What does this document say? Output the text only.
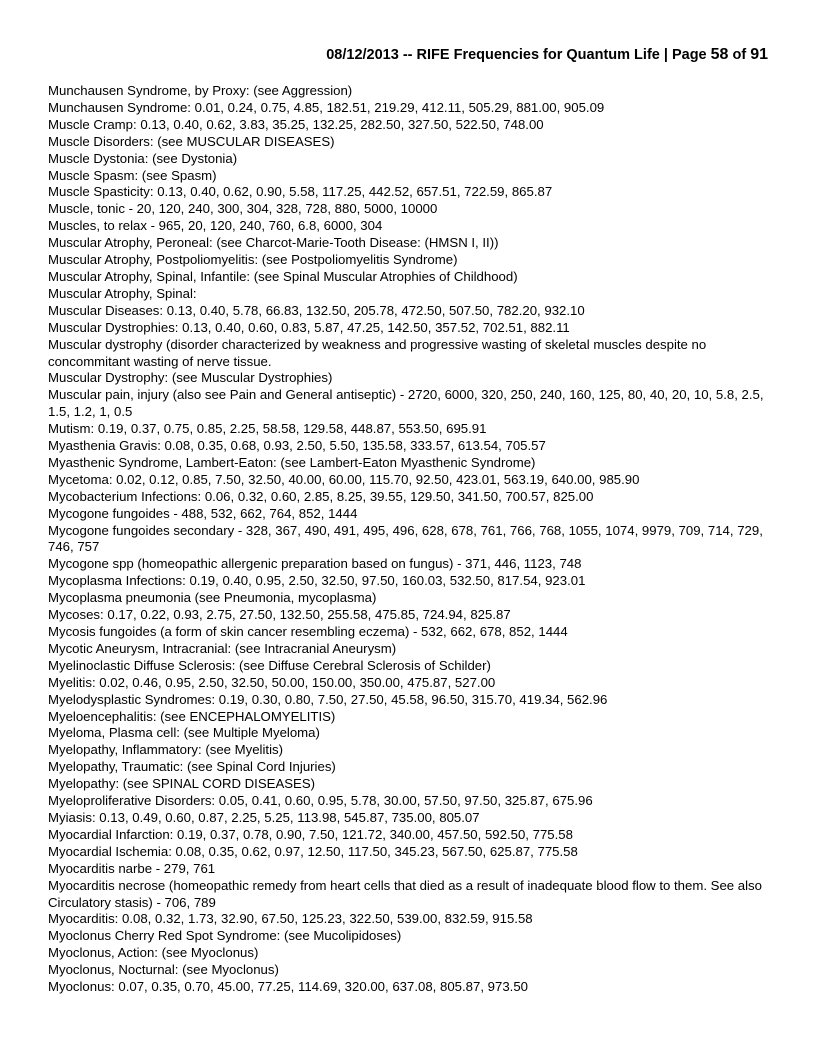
08/12/2013 -- RIFE Frequencies for Quantum Life | Page 58 of 91
Munchausen Syndrome, by Proxy: (see Aggression)
Munchausen Syndrome: 0.01, 0.24, 0.75, 4.85, 182.51, 219.29, 412.11, 505.29, 881.00, 905.09
Muscle Cramp: 0.13, 0.40, 0.62, 3.83, 35.25, 132.25, 282.50, 327.50, 522.50, 748.00
Muscle Disorders: (see MUSCULAR DISEASES)
Muscle Dystonia: (see Dystonia)
Muscle Spasm: (see Spasm)
Muscle Spasticity: 0.13, 0.40, 0.62, 0.90, 5.58, 117.25, 442.52, 657.51, 722.59, 865.87
Muscle, tonic - 20, 120, 240, 300, 304, 328, 728, 880, 5000, 10000
Muscles, to relax - 965, 20, 120, 240, 760, 6.8, 6000, 304
Muscular Atrophy, Peroneal: (see Charcot-Marie-Tooth Disease: (HMSN I, II))
Muscular Atrophy, Postpoliomyelitis: (see Postpoliomyelitis Syndrome)
Muscular Atrophy, Spinal, Infantile: (see Spinal Muscular Atrophies of Childhood)
Muscular Atrophy, Spinal:
Muscular Diseases: 0.13, 0.40, 5.78, 66.83, 132.50, 205.78, 472.50, 507.50, 782.20, 932.10
Muscular Dystrophies: 0.13, 0.40, 0.60, 0.83, 5.87, 47.25, 142.50, 357.52, 702.51, 882.11
Muscular dystrophy (disorder characterized by weakness and progressive wasting of skeletal muscles despite no concommitant wasting of nerve tissue.
Muscular Dystrophy: (see Muscular Dystrophies)
Muscular pain, injury (also see Pain and General antiseptic) - 2720, 6000, 320, 250, 240, 160, 125, 80, 40, 20, 10, 5.8, 2.5, 1.5, 1.2, 1, 0.5
Mutism: 0.19, 0.37, 0.75, 0.85, 2.25, 58.58, 129.58, 448.87, 553.50, 695.91
Myasthenia Gravis: 0.08, 0.35, 0.68, 0.93, 2.50, 5.50, 135.58, 333.57, 613.54, 705.57
Myasthenic Syndrome, Lambert-Eaton: (see Lambert-Eaton Myasthenic Syndrome)
Mycetoma: 0.02, 0.12, 0.85, 7.50, 32.50, 40.00, 60.00, 115.70, 92.50, 423.01, 563.19, 640.00, 985.90
Mycobacterium Infections: 0.06, 0.32, 0.60, 2.85, 8.25, 39.55, 129.50, 341.50, 700.57, 825.00
Mycogone fungoides - 488, 532, 662, 764, 852, 1444
Mycogone fungoides secondary - 328, 367, 490, 491, 495, 496, 628, 678, 761, 766, 768, 1055, 1074, 9979, 709, 714, 729, 746, 757
Mycogone spp (homeopathic allergenic preparation based on fungus) - 371, 446, 1123, 748
Mycoplasma Infections: 0.19, 0.40, 0.95, 2.50, 32.50, 97.50, 160.03, 532.50, 817.54, 923.01
Mycoplasma pneumonia (see Pneumonia, mycoplasma)
Mycoses: 0.17, 0.22, 0.93, 2.75, 27.50, 132.50, 255.58, 475.85, 724.94, 825.87
Mycosis fungoides (a form of skin cancer resembling eczema) - 532, 662, 678, 852, 1444
Mycotic Aneurysm, Intracranial: (see Intracranial Aneurysm)
Myelinoclastic Diffuse Sclerosis: (see Diffuse Cerebral Sclerosis of Schilder)
Myelitis: 0.02, 0.46, 0.95, 2.50, 32.50, 50.00, 150.00, 350.00, 475.87, 527.00
Myelodysplastic Syndromes: 0.19, 0.30, 0.80, 7.50, 27.50, 45.58, 96.50, 315.70, 419.34, 562.96
Myeloencephalitis: (see ENCEPHALOMYELITIS)
Myeloma, Plasma cell: (see Multiple Myeloma)
Myelopathy, Inflammatory: (see Myelitis)
Myelopathy, Traumatic: (see Spinal Cord Injuries)
Myelopathy: (see SPINAL CORD DISEASES)
Myeloproliferative Disorders: 0.05, 0.41, 0.60, 0.95, 5.78, 30.00, 57.50, 97.50, 325.87, 675.96
Myiasis: 0.13, 0.49, 0.60, 0.87, 2.25, 5.25, 113.98, 545.87, 735.00, 805.07
Myocardial Infarction: 0.19, 0.37, 0.78, 0.90, 7.50, 121.72, 340.00, 457.50, 592.50, 775.58
Myocardial Ischemia: 0.08, 0.35, 0.62, 0.97, 12.50, 117.50, 345.23, 567.50, 625.87, 775.58
Myocarditis narbe - 279, 761
Myocarditis necrose (homeopathic remedy from heart cells that died as a result of inadequate blood flow to them. See also Circulatory stasis) - 706, 789
Myocarditis: 0.08, 0.32, 1.73, 32.90, 67.50, 125.23, 322.50, 539.00, 832.59, 915.58
Myoclonus Cherry Red Spot Syndrome: (see Mucolipidoses)
Myoclonus, Action: (see Myoclonus)
Myoclonus, Nocturnal: (see Myoclonus)
Myoclonus: 0.07, 0.35, 0.70, 45.00, 77.25, 114.69, 320.00, 637.08, 805.87, 973.50
